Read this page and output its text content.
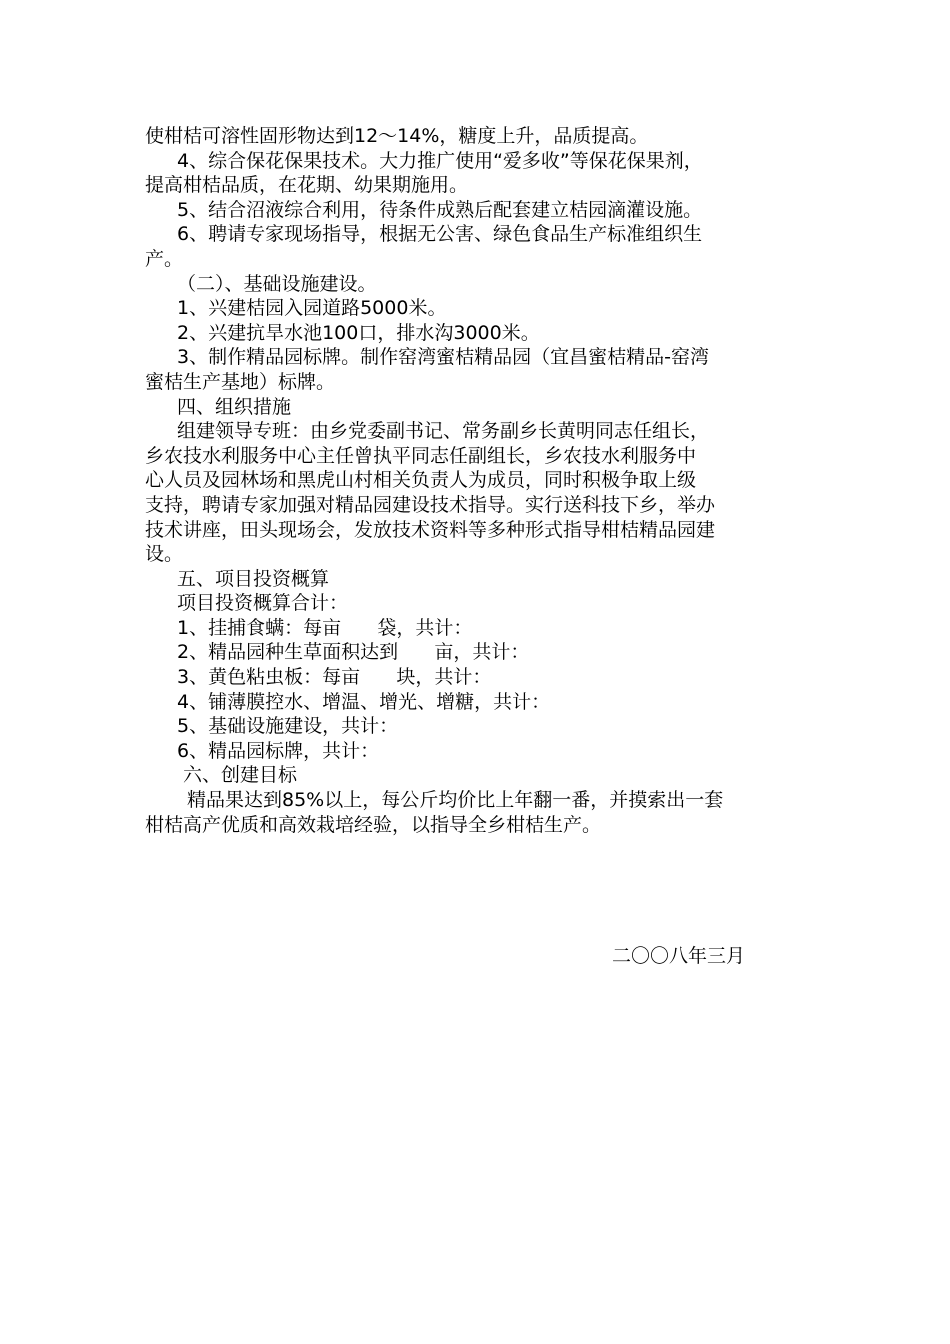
使柑桔可溶性固形物达到12～14%，糖度上升，品质提高。
4、综合保花保果技术。大力推广使用“爱多收”等保花保果剂，
提高柑桔品质，在花期、幼果期施用。
5、结合沼液综合利用，待条件成熟后配套建立桔园滴灌设施。
6、聘请专家现场指导，根据无公害、绿色食品生产标准组织生
产。
（二）、基础设施建设。
1、兴建桔园入园道路5000米。
2、兴建抗旱水池100口，排水沟3000米。
3、制作精品园标牌。制作窑湾蜜桔精品园（宜昌蜜桔精品-窑湾
蜜桔生产基地）标牌。
四、组织措施
组建领导专班：由乡党委副书记、常务副乡长黄明同志任组长，
乡农技水利服务中心主任曾执平同志任副组长，乡农技水利服务中
心人员及园林场和黑虎山村相关负责人为成员，同时积极争取上级
支持，聘请专家加强对精品园建设技术指导。实行送科技下乡，举办
技术讲座，田头现场会，发放技术资料等多种形式指导柑桔精品园建
设。
五、项目投资概算
项目投资概算合计：
1、挂捕食螨：每亩      袋，共计：
2、精品园种生草面积达到      亩，共计：
3、黄色粘虫板：每亩      块，共计：
4、铺薄膜控水、增温、增光、增糖，共计：
5、基础设施建设，共计：
6、精品园标牌，共计：
六、创建目标
精品果达到85%以上，每公斤均价比上年翻一番，并摸索出一套
柑桔高产优质和高效栽培经验，以指导全乡柑桔生产。
二〇〇八年三月
